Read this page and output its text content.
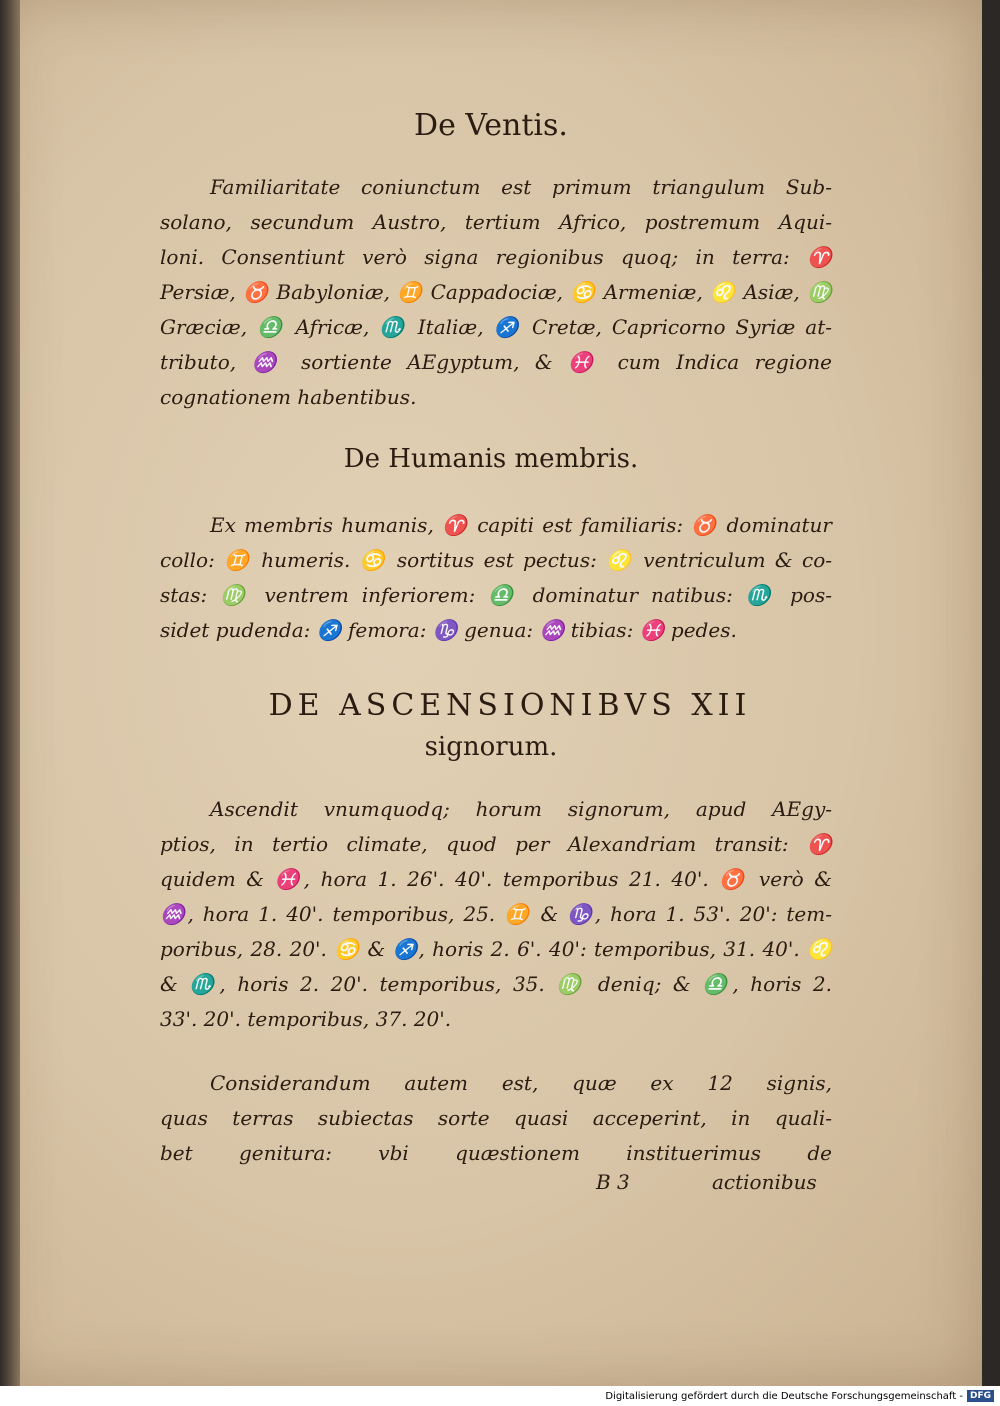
De Ventis.
Familiaritate coniunctum est primum triangulum Sub-
solano, secundum Austro, tertium Africo, postremum Aqui-
loni. Consentiunt verò signa regionibus quoq; in terra: ♈
Persiæ, ♉ Babyloniæ, ♊ Cappadociæ, ♋ Armeniæ, ♌ Asiæ, ♍
Græciæ, ♎ Africæ, ♏ Italiæ, ♐ Cretæ, Capricorno Syriæ at-
tributo, ♒ sortiente AEgyptum, & ♓ cum Indica regione
cognationem habentibus.
De Humanis membris.
Ex membris humanis, ♈ capiti est familiaris: ♉ dominatur
collo: ♊ humeris. ♋ sortitus est pectus: ♌ ventriculum & co-
stas: ♍ ventrem inferiorem: ♎ dominatur natibus: ♏ pos-
sidet pudenda: ♐ femora: ♑ genua: ♒ tibias: ♓ pedes.
DE ASCENSIONIBVS XII
signorum.
Ascendit vnumquodq; horum signorum, apud AEgy-
ptios, in tertio climate, quod per Alexandriam transit: ♈
quidem & ♓, hora 1. 26'. 40'. temporibus 21. 40'. ♉ verò &
♒, hora 1. 40'. temporibus, 25. ♊ & ♑, hora 1. 53'. 20': tem-
poribus, 28. 20'. ♋ & ♐, horis 2. 6'. 40': temporibus, 31. 40'. ♌
& ♏, horis 2. 20'. temporibus, 35. ♍ deniq; & ♎, horis 2.
33'. 20'. temporibus, 37. 20'.
Considerandum autem est, quæ ex 12 signis,
quas terras subiectas sorte quasi acceperint, in quali-
bet genitura: vbi quæstionem instituerimus de
B 3	actionibus
Digitalisierung gefördert durch die Deutsche Forschungsgemeinschaft - DFG
